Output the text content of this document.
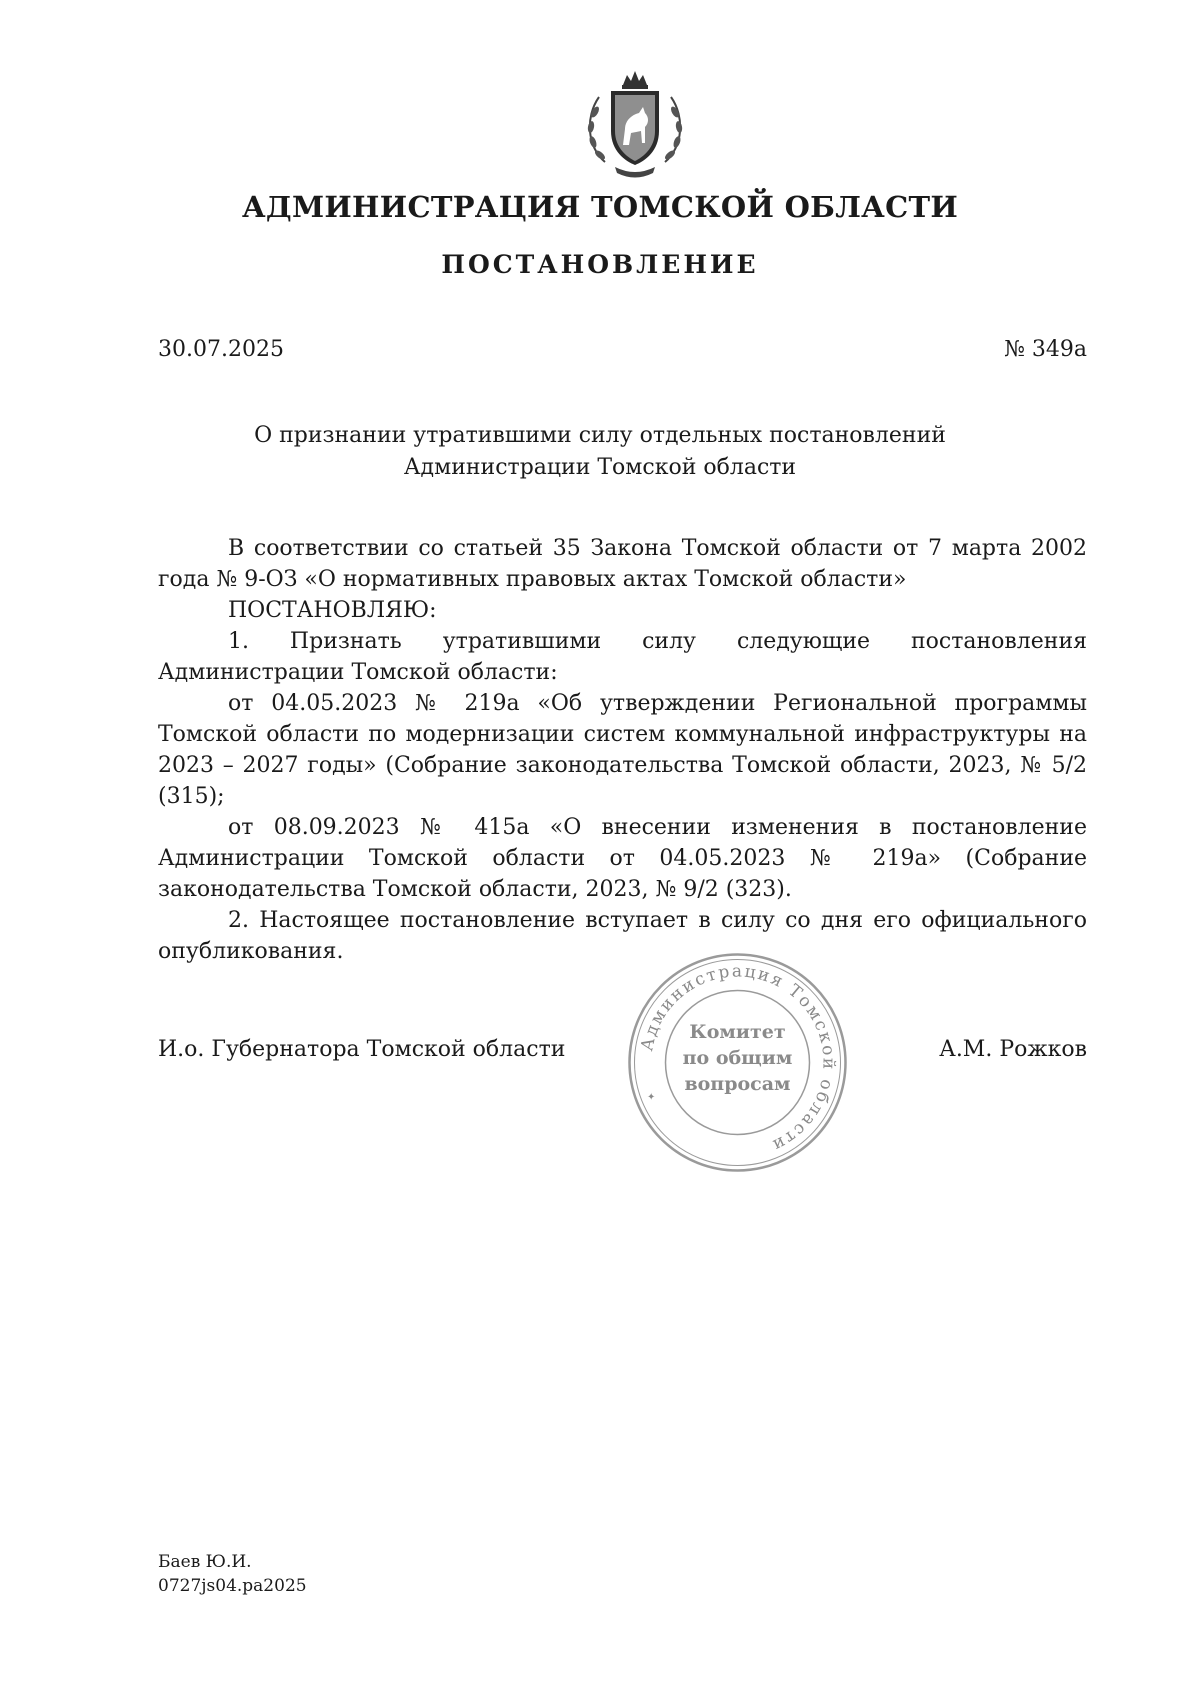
АДМИНИСТРАЦИЯ ТОМСКОЙ ОБЛАСТИ
ПОСТАНОВЛЕНИЕ
30.07.2025	№ 349а
О признании утратившими силу отдельных постановлений
Администрации Томской области

В соответствии со статьей 35 Закона Томской области от 7 марта 2002 года № 9-ОЗ «О нормативных правовых актах Томской области»

ПОСТАНОВЛЯЮ:

1. Признать утратившими силу следующие постановления Администрации Томской области:

от 04.05.2023 № 219а «Об утверждении Региональной программы Томской области по модернизации систем коммунальной инфраструктуры на 2023 – 2027 годы» (Собрание законодательства Томской области, 2023, № 5/2 (315);

от 08.09.2023 № 415а «О внесении изменения в постановление Администрации Томской области от 04.05.2023 № 219а» (Собрание законодательства Томской области, 2023, № 9/2 (323).

2. Настоящее постановление вступает в силу со дня его официального опубликования.

И.о. Губернатора Томской области	А.М. Рожков
Администрация Томской области
Комитет
по общим
вопросам
✦
Баев Ю.И.
0727js04.pa2025
